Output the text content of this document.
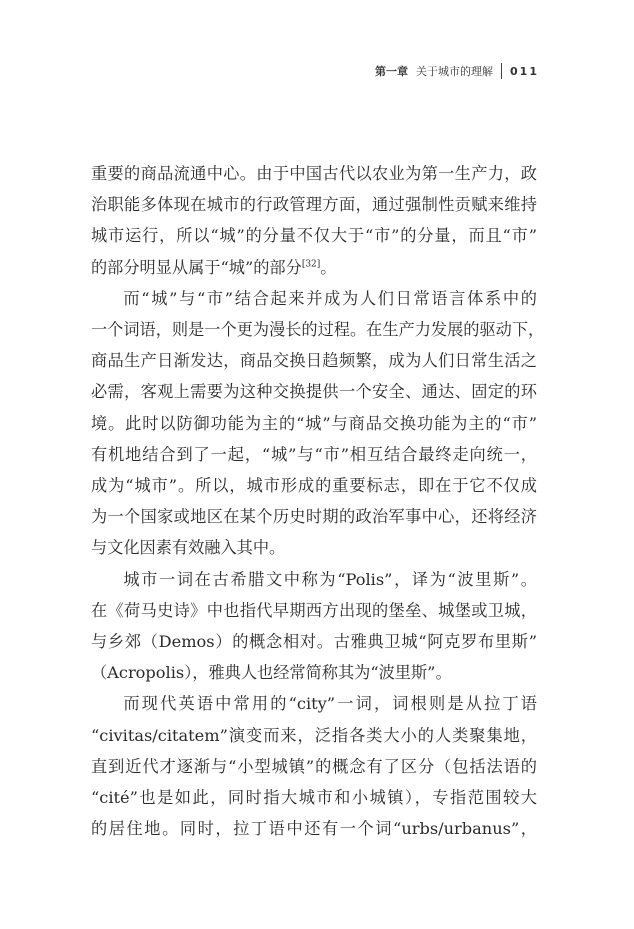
第一章 关于城市的理解 011

重要的商品流通中心。由于中国古代以农业为第一生产力，政
治职能多体现在城市的行政管理方面，通过强制性贡赋来维持
城市运行，所以“城”的分量不仅大于“市”的分量，而且“市”
的部分明显从属于“城”的部分[32]。

而“城”与“市”结合起来并成为人们日常语言体系中的
一个词语，则是一个更为漫长的过程。在生产力发展的驱动下，
商品生产日渐发达，商品交换日趋频繁，成为人们日常生活之
必需，客观上需要为这种交换提供一个安全、通达、固定的环
境。此时以防御功能为主的“城”与商品交换功能为主的“市”
有机地结合到了一起，“城”与“市”相互结合最终走向统一，
成为“城市”。所以，城市形成的重要标志，即在于它不仅成
为一个国家或地区在某个历史时期的政治军事中心，还将经济
与文化因素有效融入其中。

城市一词在古希腊文中称为“Polis”，译为“波里斯”。
在《荷马史诗》中也指代早期西方出现的堡垒、城堡或卫城，
与乡郊（Demos）的概念相对。古雅典卫城“阿克罗布里斯”
（Acropolis），雅典人也经常简称其为“波里斯”。

而现代英语中常用的“city”一词，词根则是从拉丁语
“civitas/citatem”演变而来，泛指各类大小的人类聚集地，
直到近代才逐渐与“小型城镇”的概念有了区分（包括法语的
“cité”也是如此，同时指大城市和小城镇），专指范围较大
的居住地。同时，拉丁语中还有一个词“urbs/urbanus”，
